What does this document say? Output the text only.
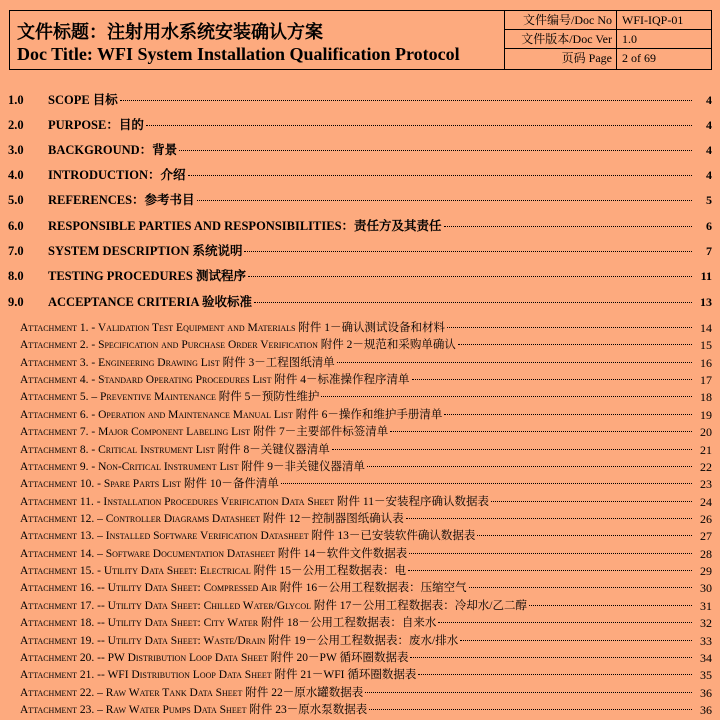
文件标题：注射用水系统安装确认方案
Doc Title: WFI System Installation Qualification Protocol
文件编号/Doc No WFI-IQP-01
文件版本/Doc Ver 1.0
页码 Page 2 of 69
1.0 SCOPE 目标	4
2.0 PURPOSE：目的	4
3.0 BACKGROUND：背景	4
4.0 INTRODUCTION：介绍	4
5.0 REFERENCES：参考书目	5
6.0 RESPONSIBLE PARTIES AND RESPONSIBILITIES：责任方及其责任	6
7.0 SYSTEM DESCRIPTION 系统说明	7
8.0 TESTING PROCEDURES 测试程序	11
9.0 ACCEPTANCE CRITERIA 验收标准	13
Attachment 1. - Validation Test Equipment and Materials 附件 1－确认测试设备和材料	14
Attachment 2. - Specification and Purchase Order Verification 附件 2－规范和采购单确认	15
Attachment 3. - Engineering Drawing List 附件 3－工程图纸清单	16
Attachment 4. - Standard Operating Procedures List 附件 4－标准操作程序清单	17
Attachment 5. – Preventive Maintenance 附件 5－预防性维护	18
Attachment 6. - Operation and Maintenance Manual List 附件 6－操作和维护手册清单	19
Attachment 7. - Major Component Labeling List 附件 7－主要部件标签清单	20
Attachment 8. - Critical Instrument List 附件 8－关键仪器清单	21
Attachment 9. - Non-Critical Instrument List 附件 9－非关键仪器清单	22
Attachment 10. - Spare Parts List 附件 10－备件清单	23
Attachment 11. - Installation Procedures Verification Data Sheet 附件 11－安装程序确认数据表	24
Attachment 12. – Controller Diagrams Datasheet 附件 12－控制器图纸确认表	26
Attachment 13. – Installed Software Verification Datasheet 附件 13－已安装软件确认数据表	27
Attachment 14. – Software Documentation Datasheet 附件 14－软件文件数据表	28
Attachment 15. - Utility Data Sheet: Electrical 附件 15－公用工程数据表：电	29
Attachment 16. -- Utility Data Sheet: Compressed Air 附件 16－公用工程数据表：压缩空气	30
Attachment 17. -- Utility Data Sheet: Chilled Water/Glycol 附件 17－公用工程数据表：冷却水/乙二醇	31
Attachment 18. -- Utility Data Sheet: City Water 附件 18－公用工程数据表：自来水	32
Attachment 19. -- Utility Data Sheet: Waste/Drain 附件 19－公用工程数据表：废水/排水	33
Attachment 20. -- PW Distribution Loop Data Sheet 附件 20－PW 循环圈数据表	34
Attachment 21. -- WFI Distribution Loop Data Sheet 附件 21－WFI 循环圈数据表	35
Attachment 22. – Raw Water Tank Data Sheet 附件 22－原水罐数据表	36
Attachment 23. – Raw Water Pumps Data Sheet 附件 23－原水泵数据表	36
